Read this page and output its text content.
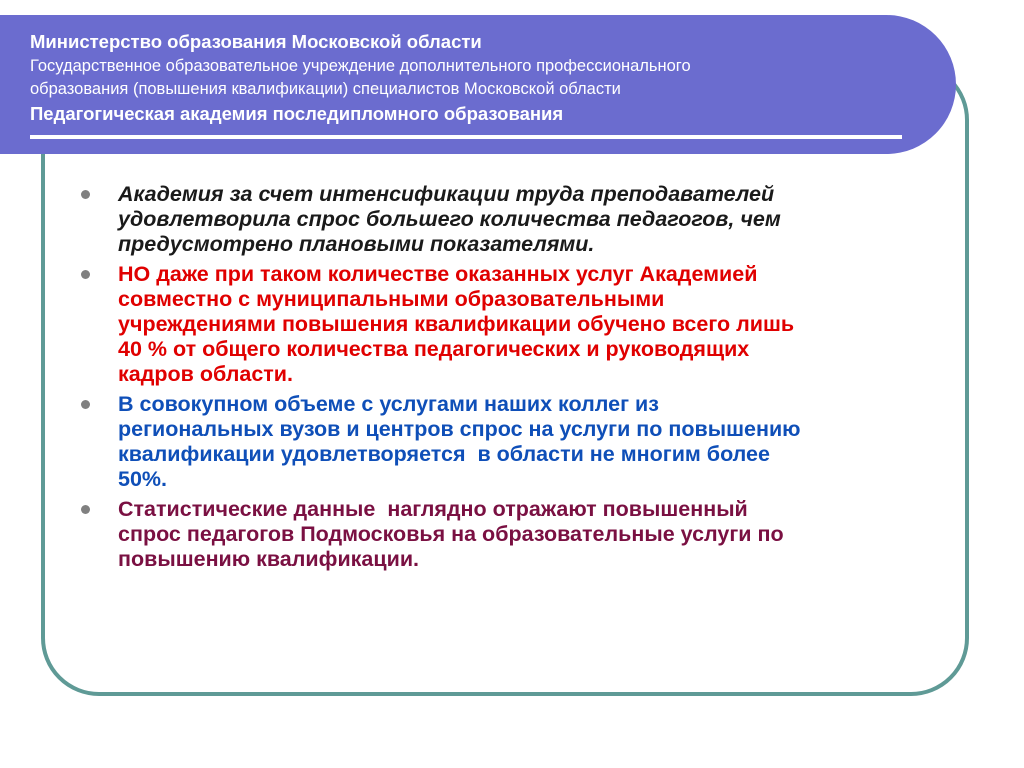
Министерство образования Московской области
Государственное образовательное учреждение дополнительного профессионального
образования (повышения квалификации) специалистов Московской области
Педагогическая академия последипломного образования
Академия за счет интенсификации труда преподавателей
удовлетворила спрос большего количества педагогов, чем
предусмотрено плановыми показателями.
НО даже при таком количестве оказанных услуг Академией
совместно с муниципальными образовательными
учреждениями повышения квалификации обучено всего лишь
40 % от общего количества педагогических и руководящих
кадров области.
В совокупном объеме с услугами наших коллег из
региональных вузов и центров спрос на услуги по повышению
квалификации удовлетворяется  в области не многим более
50%.
Статистические данные  наглядно отражают повышенный
спрос педагогов Подмосковья на образовательные услуги по
повышению квалификации.
